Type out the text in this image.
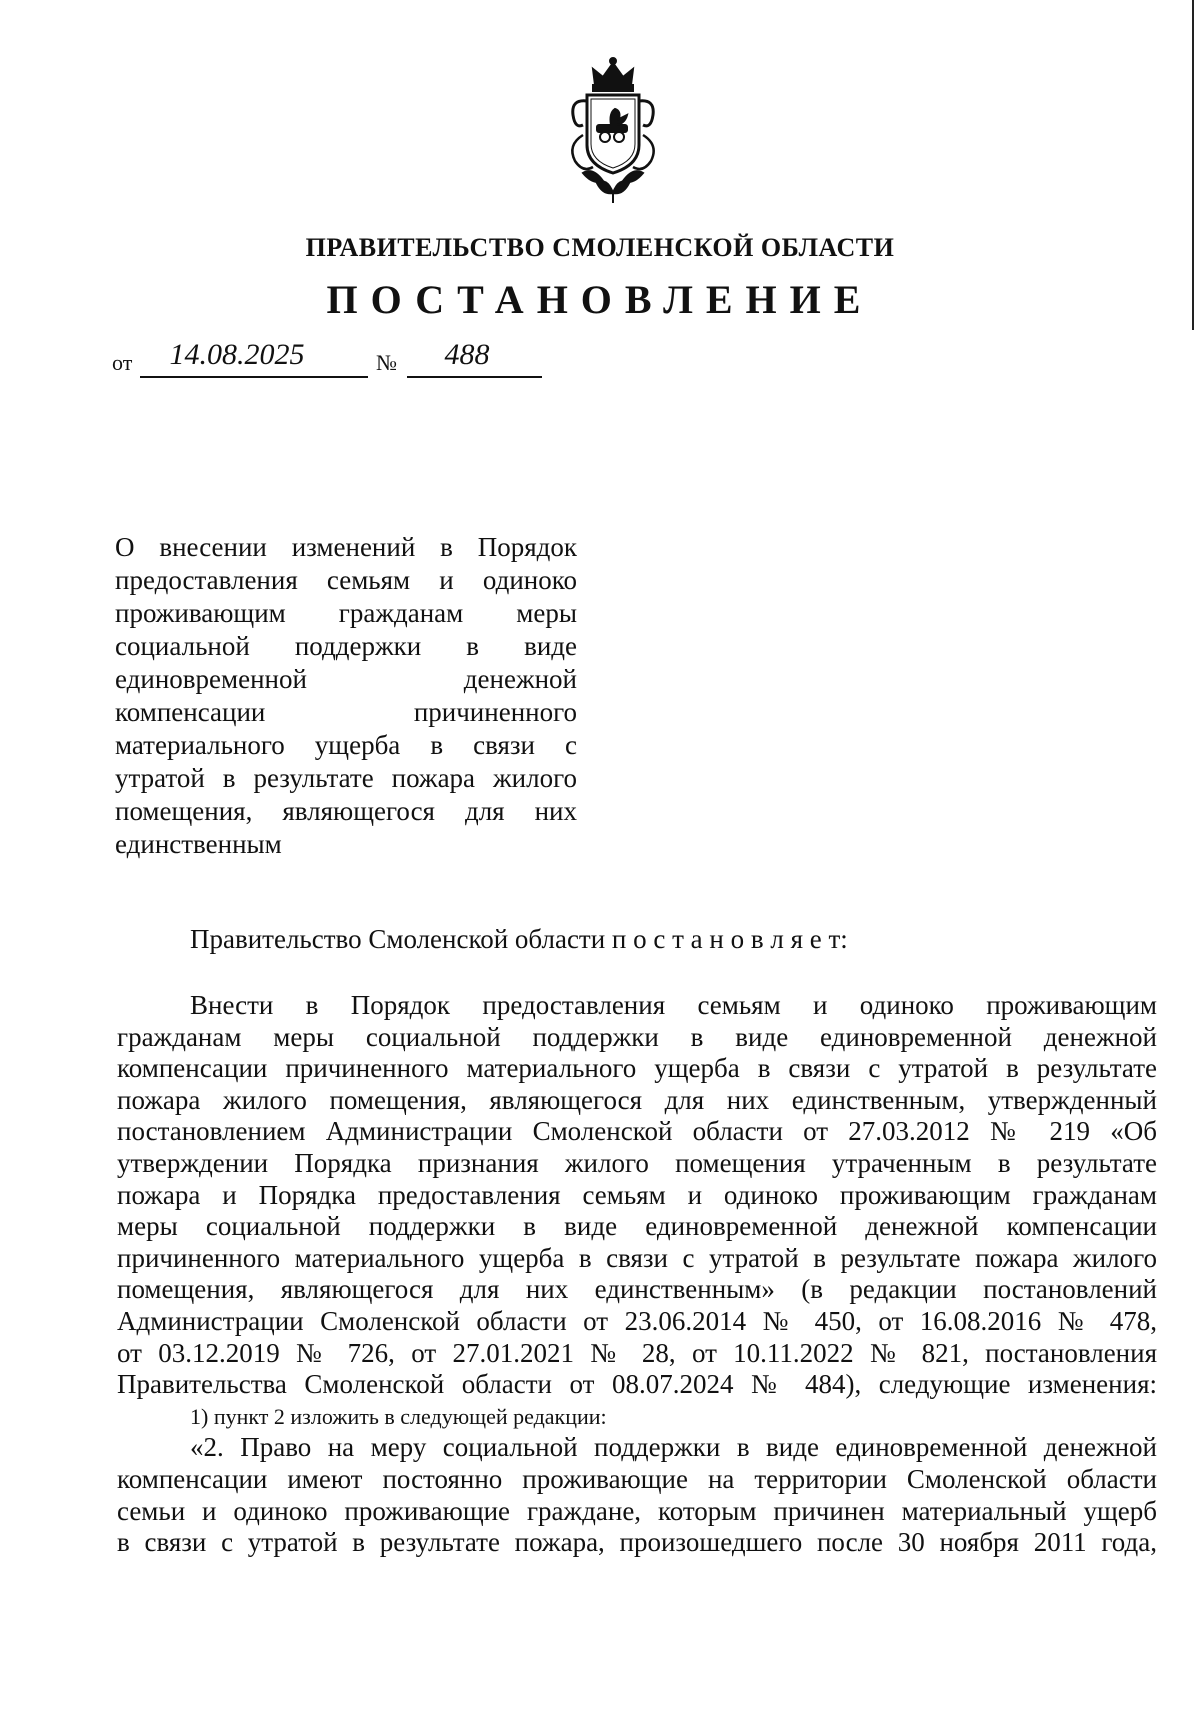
ПРАВИТЕЛЬСТВО СМОЛЕНСКОЙ ОБЛАСТИ
ПОСТАНОВЛЕНИЕ
от	14.08.2025	№	488
О внесении изменений в Порядок
предоставления семьям и одиноко
проживающим гражданам меры
социальной поддержки в виде
единовременной денежной
компенсации причиненного
материального ущерба в связи с
утратой в результате пожара жилого
помещения, являющегося для них
единственным
Правительство Смоленской области п о с т а н о в л я е т:
Внести в Порядок предоставления семьям и одиноко проживающим
гражданам меры социальной поддержки в виде единовременной денежной
компенсации причиненного материального ущерба в связи с утратой в результате
пожара жилого помещения, являющегося для них единственным, утвержденный
постановлением Администрации Смоленской области от 27.03.2012 № 219 «Об
утверждении Порядка признания жилого помещения утраченным в результате
пожара и Порядка предоставления семьям и одиноко проживающим гражданам
меры социальной поддержки в виде единовременной денежной компенсации
причиненного материального ущерба в связи с утратой в результате пожара жилого
помещения, являющегося для них единственным» (в редакции постановлений
Администрации Смоленской области от 23.06.2014 № 450, от 16.08.2016 № 478,
от 03.12.2019 № 726, от 27.01.2021 № 28, от 10.11.2022 № 821, постановления
Правительства Смоленской области от 08.07.2024 № 484), следующие изменения:
1) пункт 2 изложить в следующей редакции:
«2. Право на меру социальной поддержки в виде единовременной денежной
компенсации имеют постоянно проживающие на территории Смоленской области
семьи и одиноко проживающие граждане, которым причинен материальный ущерб
в связи с утратой в результате пожара, произошедшего после 30 ноября 2011 года,
